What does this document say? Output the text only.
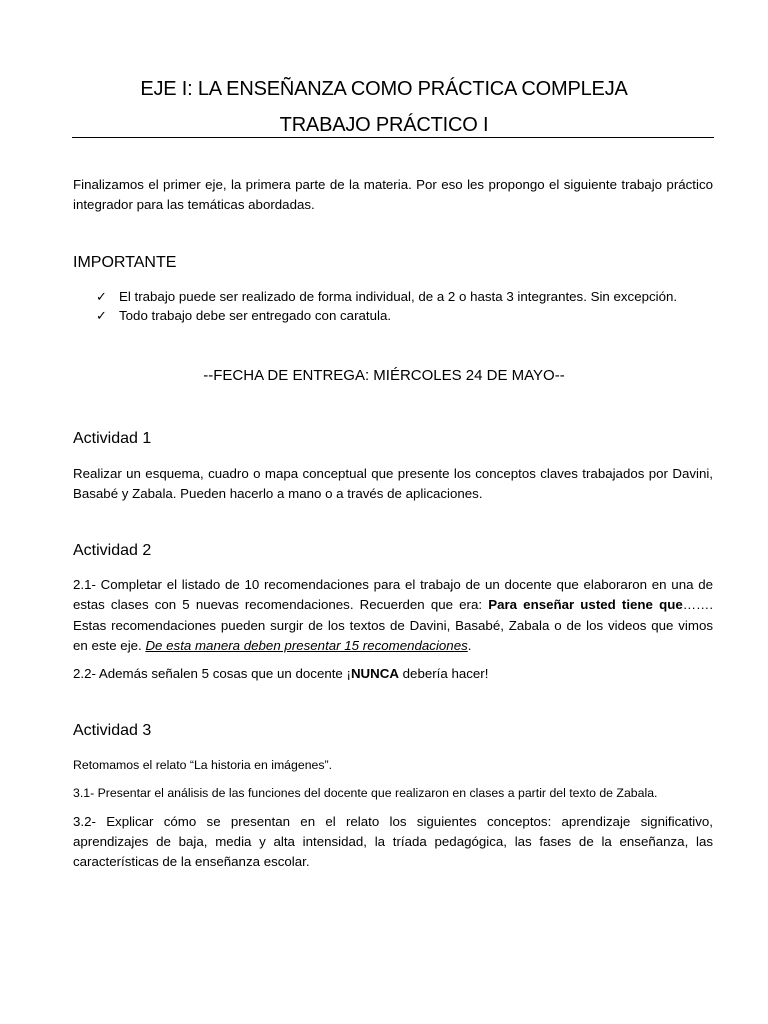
EJE I: LA ENSEÑANZA COMO PRÁCTICA COMPLEJA
TRABAJO PRÁCTICO I
Finalizamos el primer eje, la primera parte de la materia. Por eso les propongo el siguiente trabajo práctico integrador para las temáticas abordadas.
IMPORTANTE
✓ El trabajo puede ser realizado de forma individual, de a 2 o hasta 3 integrantes. Sin excepción.
✓ Todo trabajo debe ser entregado con caratula.
--FECHA DE ENTREGA: MIÉRCOLES 24 DE MAYO--
Actividad 1
Realizar un esquema, cuadro o mapa conceptual que presente los conceptos claves trabajados por Davini, Basabé y Zabala. Pueden hacerlo a mano o a través de aplicaciones.
Actividad 2
2.1- Completar el listado de 10 recomendaciones para el trabajo de un docente que elaboraron en una de estas clases con 5 nuevas recomendaciones. Recuerden que era: Para enseñar usted tiene que……. Estas recomendaciones pueden surgir de los textos de Davini, Basabé, Zabala o de los videos que vimos en este eje. De esta manera deben presentar 15 recomendaciones.
2.2- Además señalen 5 cosas que un docente ¡NUNCA debería hacer!
Actividad 3
Retomamos el relato “La historia en imágenes”.
3.1- Presentar el análisis de las funciones del docente que realizaron en clases a partir del texto de Zabala.
3.2- Explicar cómo se presentan en el relato los siguientes conceptos: aprendizaje significativo, aprendizajes de baja, media y alta intensidad, la tríada pedagógica, las fases de la enseñanza, las características de la enseñanza escolar.
